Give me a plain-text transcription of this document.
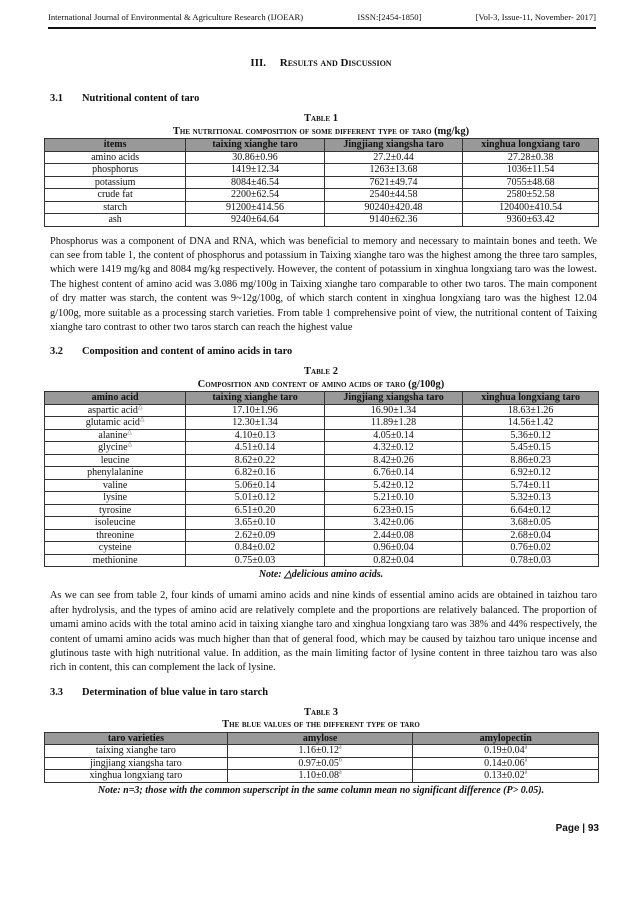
International Journal of Environmental & Agriculture Research (IJOEAR)	ISSN:[2454-1850]	[Vol-3, Issue-11, November- 2017]
III. Results and Discussion
3.1 Nutritional content of taro
Table 1
The nutritional composition of some different type of taro (mg/kg)
items	taixing xianghe taro	Jingjiang xiangsha taro	xinghua longxiang taro
amino acids	30.86±0.96	27.2±0.44	27.28±0.38
phosphorus	1419±12.34	1263±13.68	1036±11.54
potassium	8084±46.54	7621±49.74	7055±48.68
crude fat	2200±62.54	2540±44.58	2580±52.58
starch	91200±414.56	90240±420.48	120400±410.54
ash	9240±64.64	9140±62.36	9360±63.42
Phosphorus was a component of DNA and RNA, which was beneficial to memory and necessary to maintain bones and teeth. We can see from table 1, the content of phosphorus and potassium in Taixing xianghe taro was the highest among the three taro samples, which were 1419 mg/kg and 8084 mg/kg respectively. However, the content of potassium in xinghua longxiang taro was the lowest. The highest content of amino acid was 3.086 mg/100g in Taixing xianghe taro comparable to other two taros. The main component of dry matter was starch, the content was 9~12g/100g, of which starch content in xinghua longxiang taro was the highest 12.04 g/100g, more suitable as a processing starch varieties. From table 1 comprehensive point of view, the nutritional content of Taixing xianghe taro contrast to other two taros starch can reach the highest value
3.2 Composition and content of amino acids in taro
Table 2
Composition and content of amino acids of taro (g/100g)
amino acid	taixing xianghe taro	Jingjiang xiangsha taro	xinghua longxiang taro
aspartic acid△	17.10±1.96	16.90±1.34	18.63±1.26
glutamic acid△	12.30±1.34	11.89±1.28	14.56±1.42
alanine△	4.10±0.13	4.05±0.14	5.36±0.12
glycine△	4.51±0.14	4.32±0.12	5.45±0.15
leucine	8.62±0.22	8.42±0.26	8.86±0.23
phenylalanine	6.82±0.16	6.76±0.14	6.92±0.12
valine	5.06±0.14	5.42±0.12	5.74±0.11
lysine	5.01±0.12	5.21±0.10	5.32±0.13
tyrosine	6.51±0.20	6.23±0.15	6.64±0.12
isoleucine	3.65±0.10	3.42±0.06	3.68±0.05
threonine	2.62±0.09	2.44±0.08	2.68±0.04
cysteine	0.84±0.02	0.96±0.04	0.76±0.02
methionine	0.75±0.03	0.82±0.04	0.78±0.03
Note: △delicious amino acids.
As we can see from table 2, four kinds of umami amino acids and nine kinds of essential amino acids are obtained in taizhou taro after hydrolysis, and the types of amino acid are relatively complete and the proportions are relatively balanced. The proportion of umami amino acids with the total amino acid in taixing xianghe taro and xinghua longxiang taro was 38% and 44% respectively, the content of umami amino acids was much higher than that of general food, which may be caused by taizhou taro unique incense and glutinous taste with high nutritional value. In addition, as the main limiting factor of lysine content in three taizhou taro was also rich in content, this can complement the lack of lysine.
3.3 Determination of blue value in taro starch
Table 3
The blue values of the different type of taro
taro varieties	amylose	amylopectin
taixing xianghe taro	1.16±0.12$^a$	0.19±0.04$^a$
jingjiang xiangsha taro	0.97±0.05$^b$	0.14±0.06$^a$
xinghua longxiang taro	1.10±0.08$^a$	0.13±0.02$^a$
Note: n=3; those with the common superscript in the same column mean no significant difference (P> 0.05).
Page | 93
